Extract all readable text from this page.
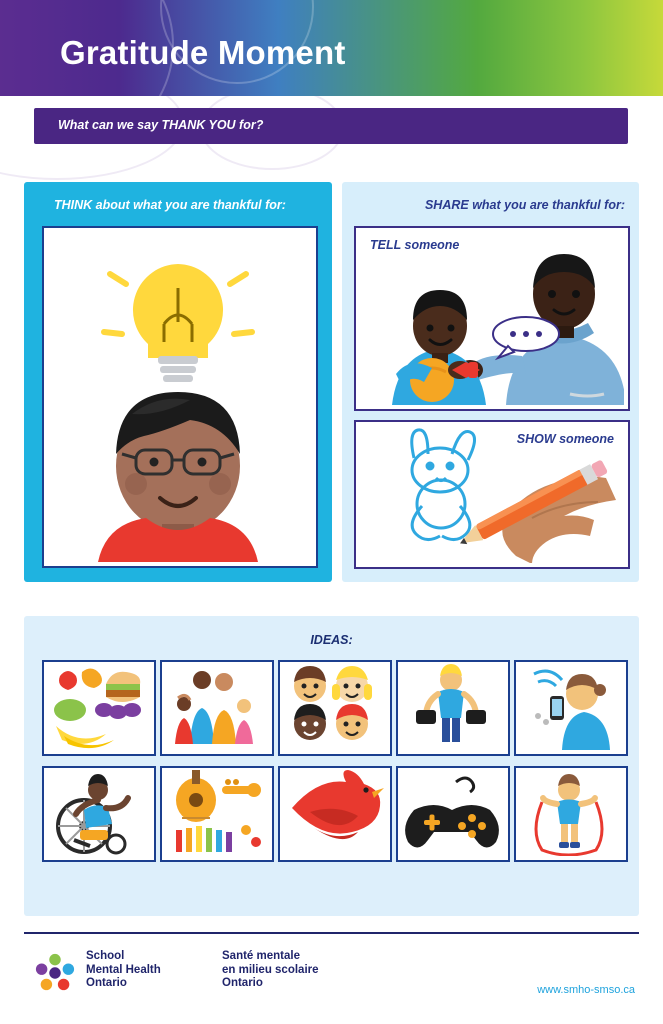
Gratitude Moment
What can we say THANK YOU for?
THINK about what you are thankful for:	SHARE what you are thankful for:
TELL someone
SHOW someone
IDEAS:
School
Mental Health
Ontario
Santé mentale
en milieu scolaire
Ontario
www.smho-smso.ca
